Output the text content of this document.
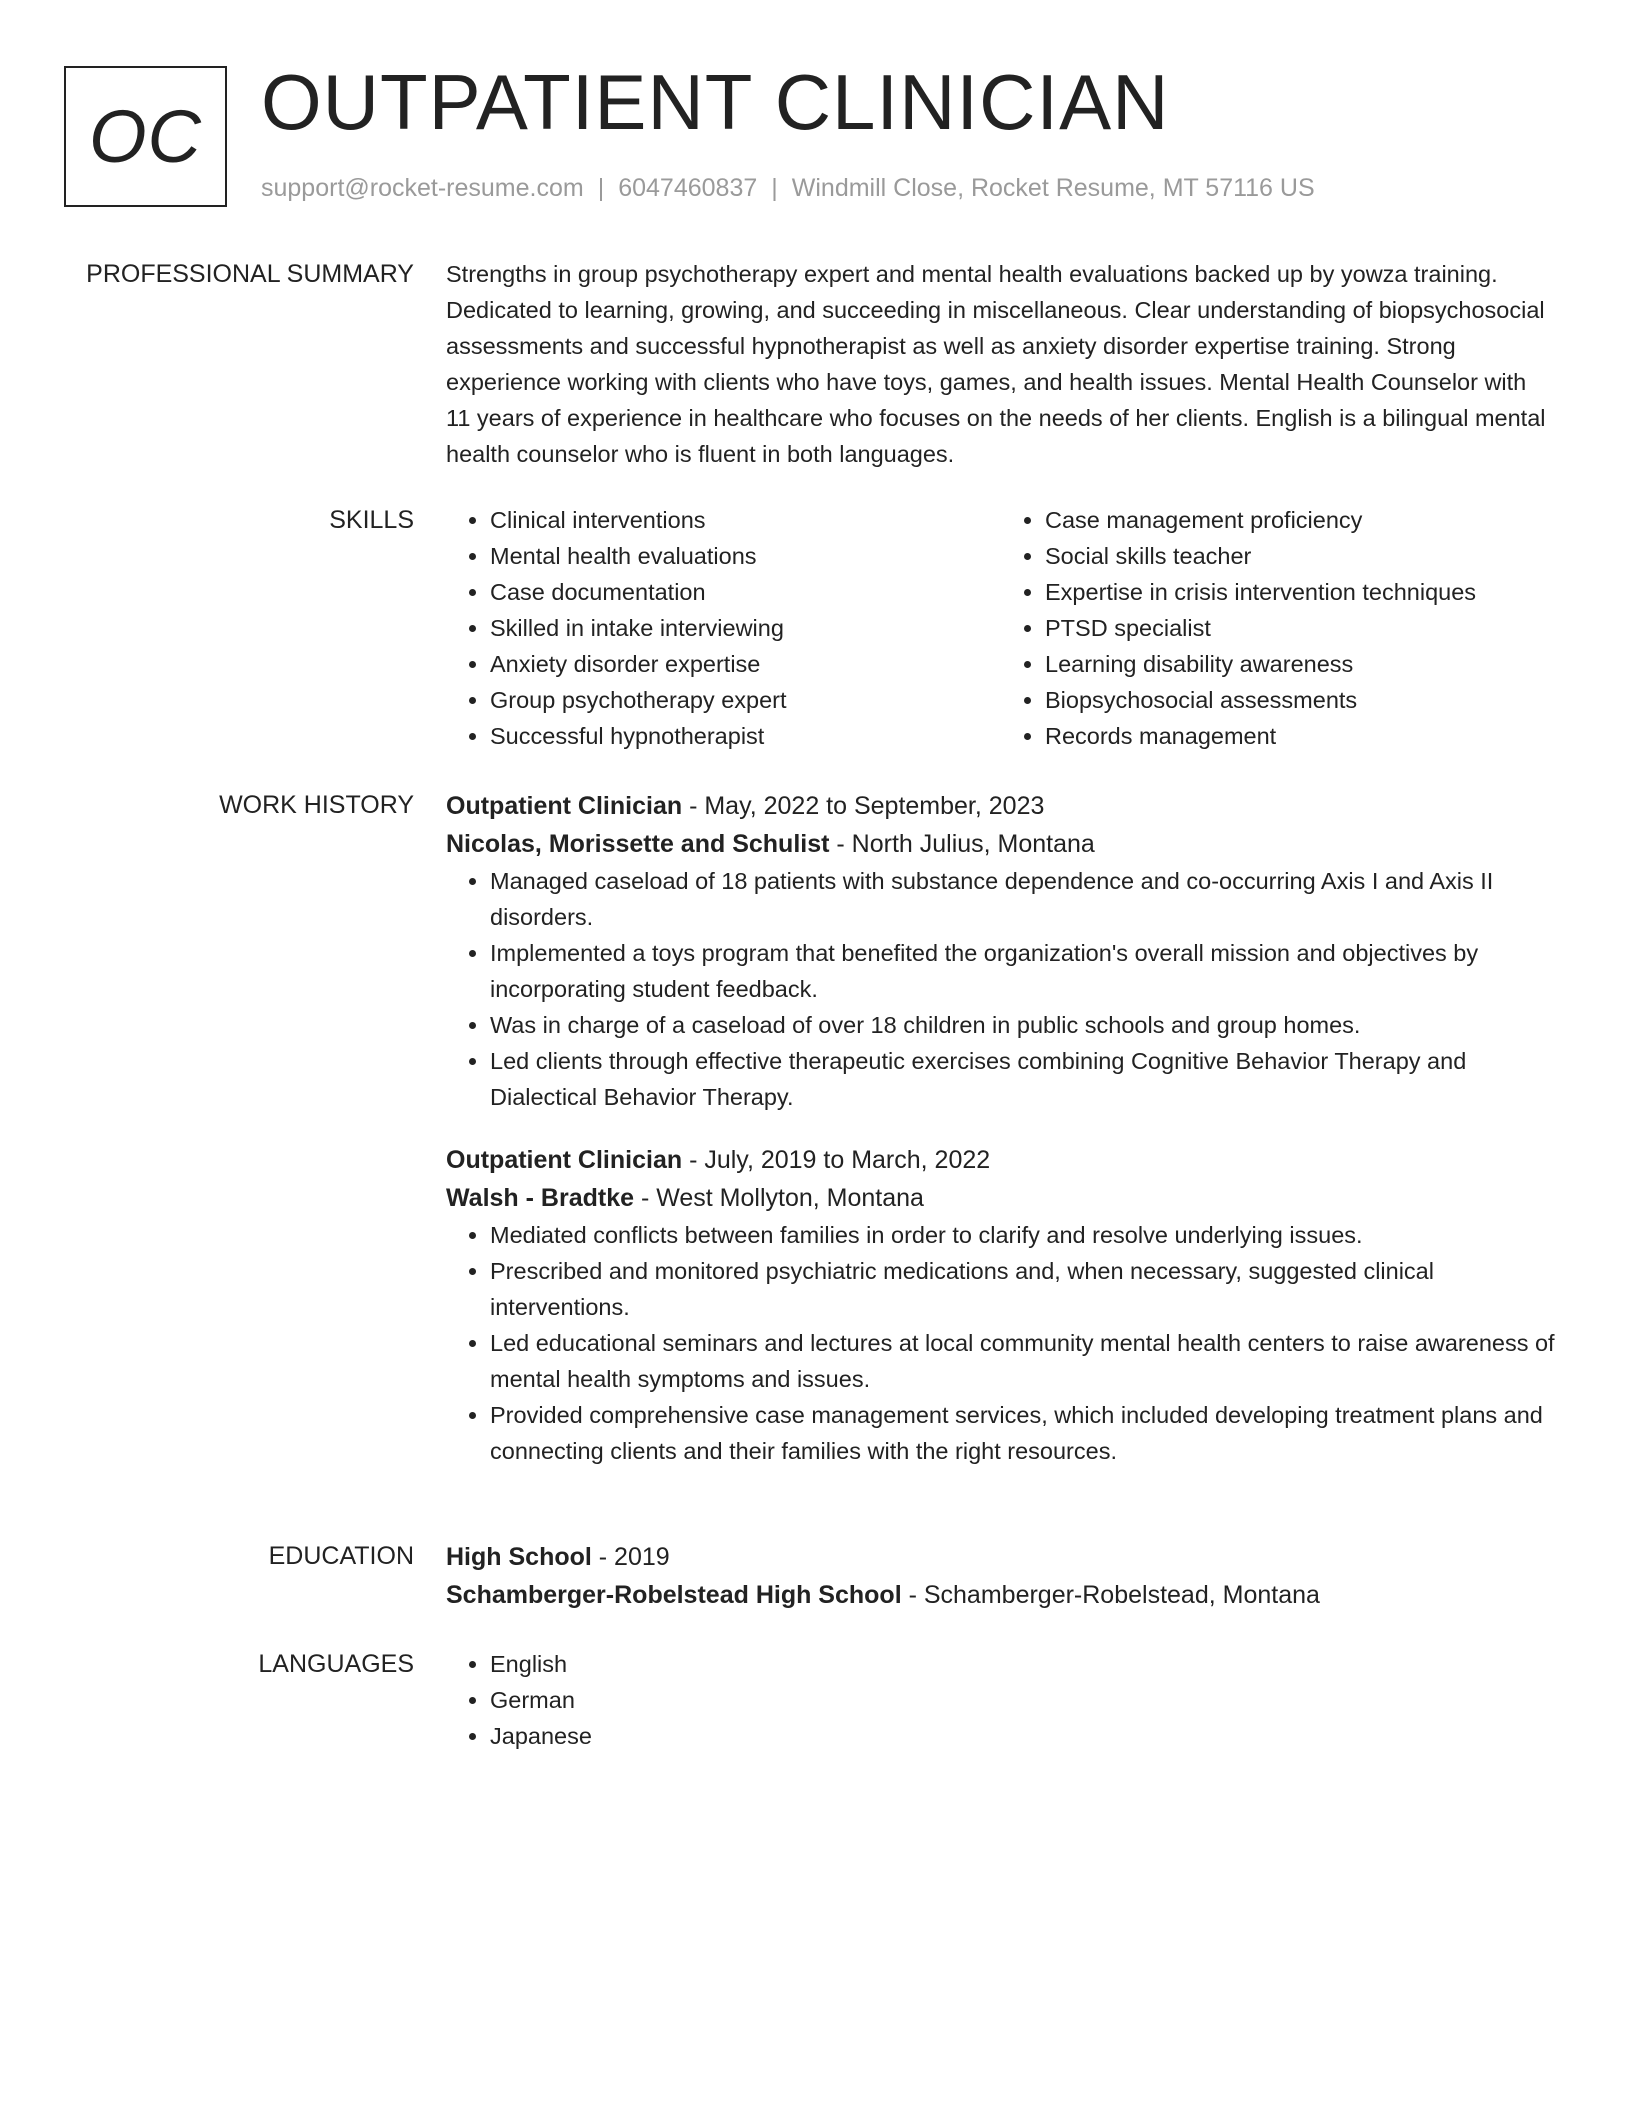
OC OUTPATIENT CLINICIAN
support@rocket-resume.com | 6047460837 | Windmill Close, Rocket Resume, MT 57116 US
PROFESSIONAL SUMMARY Strengths in group psychotherapy expert and mental health evaluations backed up by yowza training. Dedicated to learning, growing, and succeeding in miscellaneous. Clear understanding of biopsychosocial assessments and successful hypnotherapist as well as anxiety disorder expertise training. Strong experience working with clients who have toys, games, and health issues. Mental Health Counselor with 11 years of experience in healthcare who focuses on the needs of her clients. English is a bilingual mental health counselor who is fluent in both languages.

SKILLS	• Clinical interventions
• Mental health evaluations
• Case documentation
• Skilled in intake interviewing
• Anxiety disorder expertise
• Group psychotherapy expert
• Successful hypnotherapist
• Case management proficiency
• Social skills teacher
• Expertise in crisis intervention techniques
• PTSD specialist
• Learning disability awareness
• Biopsychosocial assessments
• Records management
WORK HISTORY Outpatient Clinician - May, 2022 to September, 2023
Nicolas, Morissette and Schulist - North Julius, Montana
• Managed caseload of 18 patients with substance dependence and co-occurring Axis I and Axis II disorders.
• Implemented a toys program that benefited the organization's overall mission and objectives by incorporating student feedback.
• Was in charge of a caseload of over 18 children in public schools and group homes.
• Led clients through effective therapeutic exercises combining Cognitive Behavior Therapy and Dialectical Behavior Therapy.
Outpatient Clinician - July, 2019 to March, 2022
Walsh - Bradtke - West Mollyton, Montana
• Mediated conflicts between families in order to clarify and resolve underlying issues.
• Prescribed and monitored psychiatric medications and, when necessary, suggested clinical interventions.
• Led educational seminars and lectures at local community mental health centers to raise awareness of mental health symptoms and issues.
• Provided comprehensive case management services, which included developing treatment plans and connecting clients and their families with the right resources.
EDUCATION High School - 2019
Schamberger-Robelstead High School - Schamberger-Robelstead, Montana
LANGUAGES	• English
• German
• Japanese
